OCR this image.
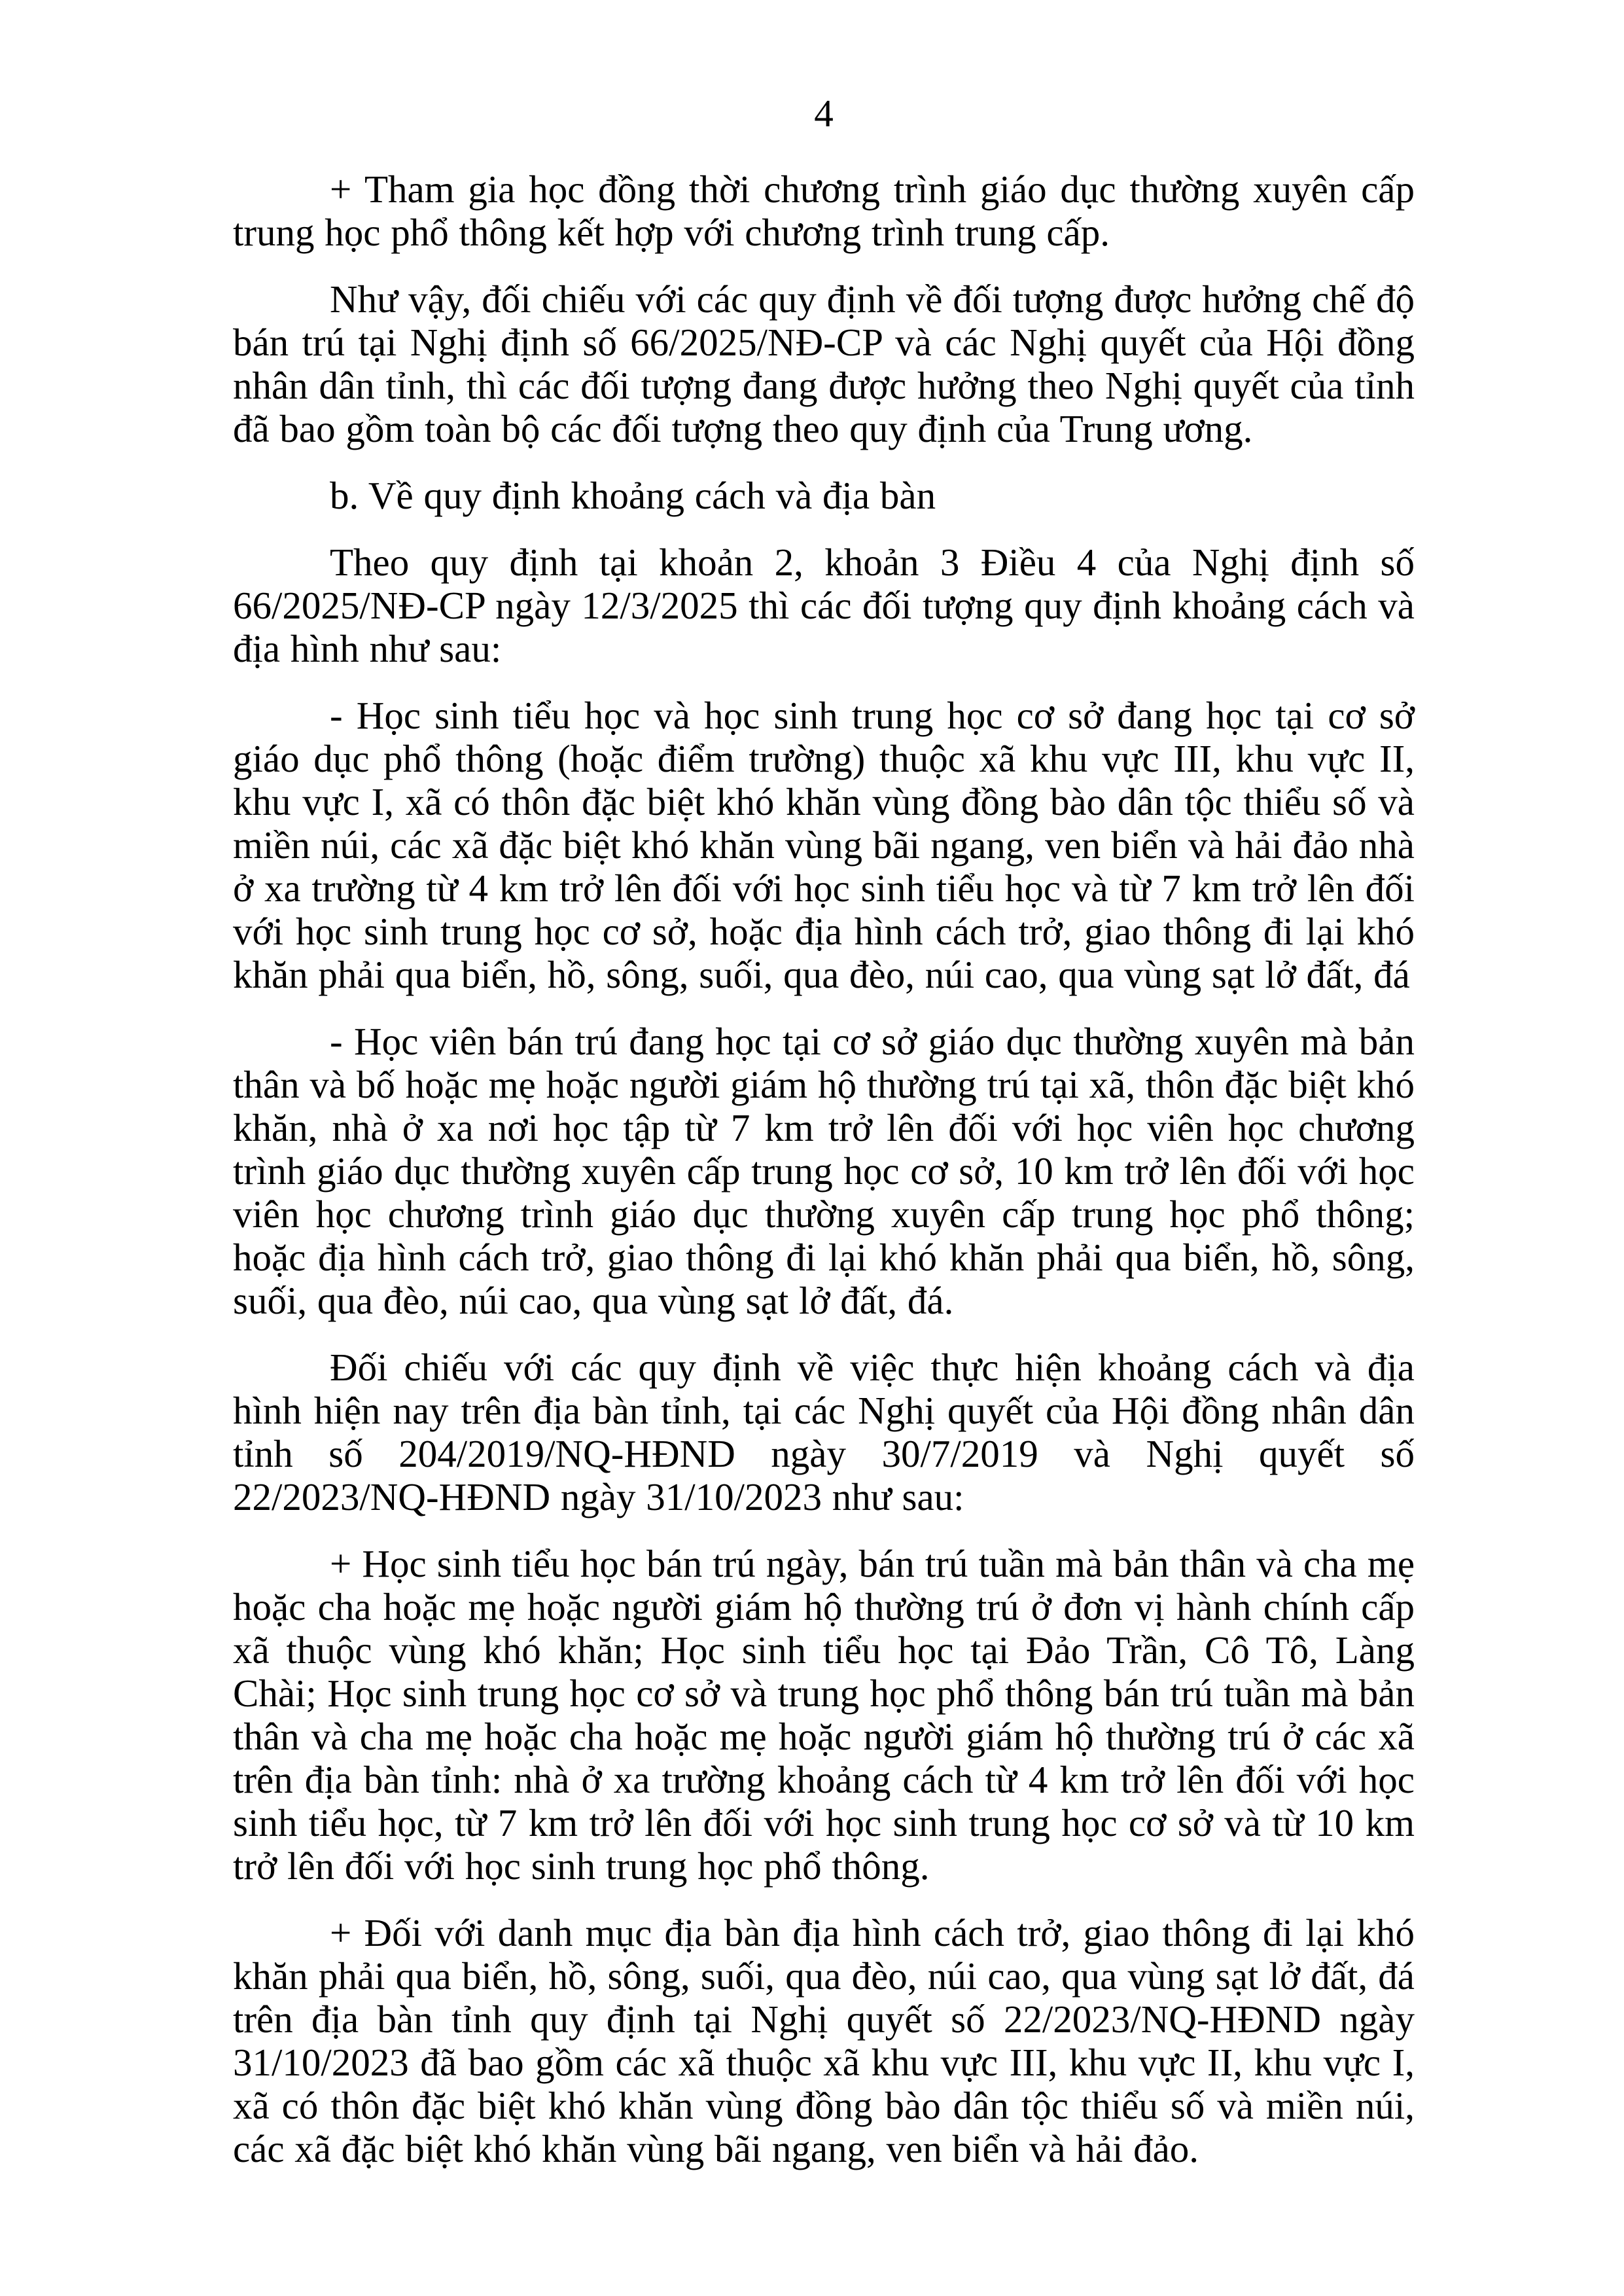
4

+ Tham gia học đồng thời chương trình giáo dục thường xuyên cấp trung học phổ thông kết hợp với chương trình trung cấp.

Như vậy, đối chiếu với các quy định về đối tượng được hưởng chế độ bán trú tại Nghị định số 66/2025/NĐ-CP và các Nghị quyết của Hội đồng nhân dân tỉnh, thì các đối tượng đang được hưởng theo Nghị quyết của tỉnh đã bao gồm toàn bộ các đối tượng theo quy định của Trung ương.

b. Về quy định khoảng cách và địa bàn

Theo quy định tại khoản 2, khoản 3 Điều 4 của Nghị định số 66/2025/NĐ-CP ngày 12/3/2025 thì các đối tượng quy định khoảng cách và địa hình như sau:

- Học sinh tiểu học và học sinh trung học cơ sở đang học tại cơ sở giáo dục phổ thông (hoặc điểm trường) thuộc xã khu vực III, khu vực II, khu vực I, xã có thôn đặc biệt khó khăn vùng đồng bào dân tộc thiểu số và miền núi, các xã đặc biệt khó khăn vùng bãi ngang, ven biển và hải đảo nhà ở xa trường từ 4 km trở lên đối với học sinh tiểu học và từ 7 km trở lên đối với học sinh trung học cơ sở, hoặc địa hình cách trở, giao thông đi lại khó khăn phải qua biển, hồ, sông, suối, qua đèo, núi cao, qua vùng sạt lở đất, đá

- Học viên bán trú đang học tại cơ sở giáo dục thường xuyên mà bản thân và bố hoặc mẹ hoặc người giám hộ thường trú tại xã, thôn đặc biệt khó khăn, nhà ở xa nơi học tập từ 7 km trở lên đối với học viên học chương trình giáo dục thường xuyên cấp trung học cơ sở, 10 km trở lên đối với học viên học chương trình giáo dục thường xuyên cấp trung học phổ thông; hoặc địa hình cách trở, giao thông đi lại khó khăn phải qua biển, hồ, sông, suối, qua đèo, núi cao, qua vùng sạt lở đất, đá.

Đối chiếu với các quy định về việc thực hiện khoảng cách và địa hình hiện nay trên địa bàn tỉnh, tại các Nghị quyết của Hội đồng nhân dân tỉnh số 204/2019/NQ-HĐND ngày 30/7/2019 và Nghị quyết số 22/2023/NQ-HĐND ngày 31/10/2023 như sau:

+ Học sinh tiểu học bán trú ngày, bán trú tuần mà bản thân và cha mẹ hoặc cha hoặc mẹ hoặc người giám hộ thường trú ở đơn vị hành chính cấp xã thuộc vùng khó khăn; Học sinh tiểu học tại Đảo Trần, Cô Tô, Làng Chài; Học sinh trung học cơ sở và trung học phổ thông bán trú tuần mà bản thân và cha mẹ hoặc cha hoặc mẹ hoặc người giám hộ thường trú ở các xã trên địa bàn tỉnh: nhà ở xa trường khoảng cách từ 4 km trở lên đối với học sinh tiểu học, từ 7 km trở lên đối với học sinh trung học cơ sở và từ 10 km trở lên đối với học sinh trung học phổ thông.

+ Đối với danh mục địa bàn địa hình cách trở, giao thông đi lại khó khăn phải qua biển, hồ, sông, suối, qua đèo, núi cao, qua vùng sạt lở đất, đá trên địa bàn tỉnh quy định tại Nghị quyết số 22/2023/NQ-HĐND ngày 31/10/2023 đã bao gồm các xã thuộc xã khu vực III, khu vực II, khu vực I, xã có thôn đặc biệt khó khăn vùng đồng bào dân tộc thiểu số và miền núi, các xã đặc biệt khó khăn vùng bãi ngang, ven biển và hải đảo.
